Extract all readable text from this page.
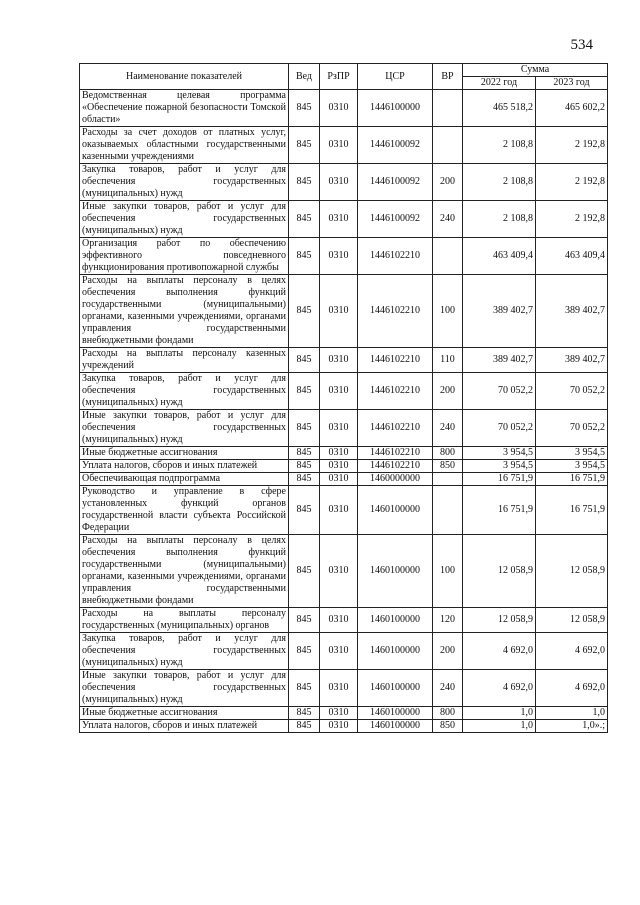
534
Наименование показателей	Вед	РзПР	ЦСР	ВР	Сумма	
					2022 год	2023 год
Ведомственная целевая программа «Обеспечение пожарной безопасности Томской области»	845	0310	1446100000		465 518,2	465 602,2
Расходы за счет доходов от платных услуг, оказываемых областными государственными казенными учреждениями	845	0310	1446100092		2 108,8	2 192,8
Закупка товаров, работ и услуг для обеспечения государственных (муниципальных) нужд	845	0310	1446100092	200	2 108,8	2 192,8
Иные закупки товаров, работ и услуг для обеспечения государственных (муниципальных) нужд	845	0310	1446100092	240	2 108,8	2 192,8
Организация работ по обеспечению эффективного повседневного функционирования противопожарной службы	845	0310	1446102210		463 409,4	463 409,4
Расходы на выплаты персоналу в целях обеспечения выполнения функций государственными (муниципальными) органами, казенными учреждениями, органами управления государственными внебюджетными фондами	845	0310	1446102210	100	389 402,7	389 402,7
Расходы на выплаты персоналу казенных учреждений	845	0310	1446102210	110	389 402,7	389 402,7
Закупка товаров, работ и услуг для обеспечения государственных (муниципальных) нужд	845	0310	1446102210	200	70 052,2	70 052,2
Иные закупки товаров, работ и услуг для обеспечения государственных (муниципальных) нужд	845	0310	1446102210	240	70 052,2	70 052,2
Иные бюджетные ассигнования	845	0310	1446102210	800	3 954,5	3 954,5
Уплата налогов, сборов и иных платежей	845	0310	1446102210	850	3 954,5	3 954,5
Обеспечивающая подпрограмма	845	0310	1460000000		16 751,9	16 751,9
Руководство и управление в сфере установленных функций органов государственной власти субъекта Российской Федерации	845	0310	1460100000		16 751,9	16 751,9
Расходы на выплаты персоналу в целях обеспечения выполнения функций государственными (муниципальными) органами, казенными учреждениями, органами управления государственными внебюджетными фондами	845	0310	1460100000	100	12 058,9	12 058,9
Расходы на выплаты персоналу государственных (муниципальных) органов	845	0310	1460100000	120	12 058,9	12 058,9
Закупка товаров, работ и услуг для обеспечения государственных (муниципальных) нужд	845	0310	1460100000	200	4 692,0	4 692,0
Иные закупки товаров, работ и услуг для обеспечения государственных (муниципальных) нужд	845	0310	1460100000	240	4 692,0	4 692,0
Иные бюджетные ассигнования	845	0310	1460100000	800	1,0	1,0
Уплата налогов, сборов и иных платежей	845	0310	1460100000	850	1,0	1,0».;
